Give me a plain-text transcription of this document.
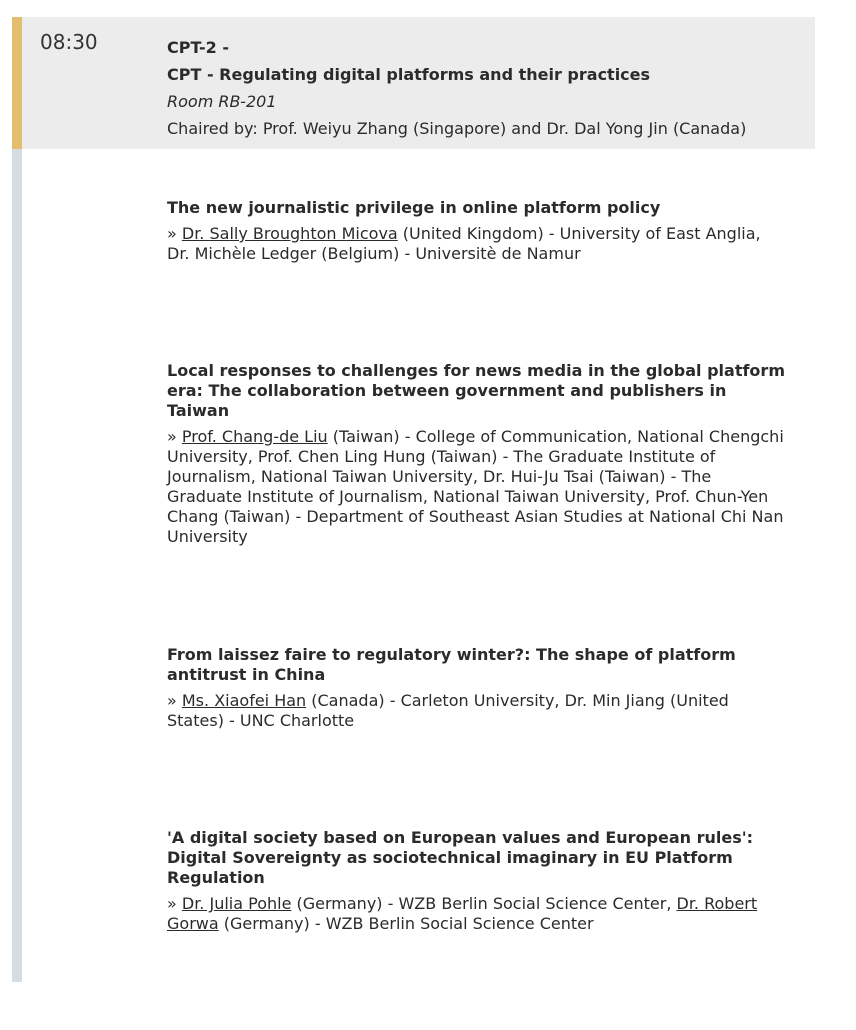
08:30	CPT-2 -
CPT - Regulating digital platforms and their practices
Room RB-201
Chaired by: Prof. Weiyu Zhang (Singapore) and Dr. Dal Yong Jin (Canada)
The new journalistic privilege in online platform policy
» Dr. Sally Broughton Micova (United Kingdom) - University of East Anglia, Dr. Michèle Ledger (Belgium) - Universitè de Namur
Local responses to challenges for news media in the global platform era: The collaboration between government and publishers in Taiwan
» Prof. Chang-de Liu (Taiwan) - College of Communication, National Chengchi University, Prof. Chen Ling Hung (Taiwan) - The Graduate Institute of Journalism, National Taiwan University, Dr. Hui-Ju Tsai (Taiwan) - The Graduate Institute of Journalism, National Taiwan University, Prof. Chun-Yen Chang (Taiwan) - Department of Southeast Asian Studies at National Chi Nan University
From laissez faire to regulatory winter?: The shape of platform antitrust in China
» Ms. Xiaofei Han (Canada) - Carleton University, Dr. Min Jiang (United States) - UNC Charlotte
'A digital society based on European values and European rules': Digital Sovereignty as sociotechnical imaginary in EU Platform Regulation
» Dr. Julia Pohle (Germany) - WZB Berlin Social Science Center, Dr. Robert Gorwa (Germany) - WZB Berlin Social Science Center
